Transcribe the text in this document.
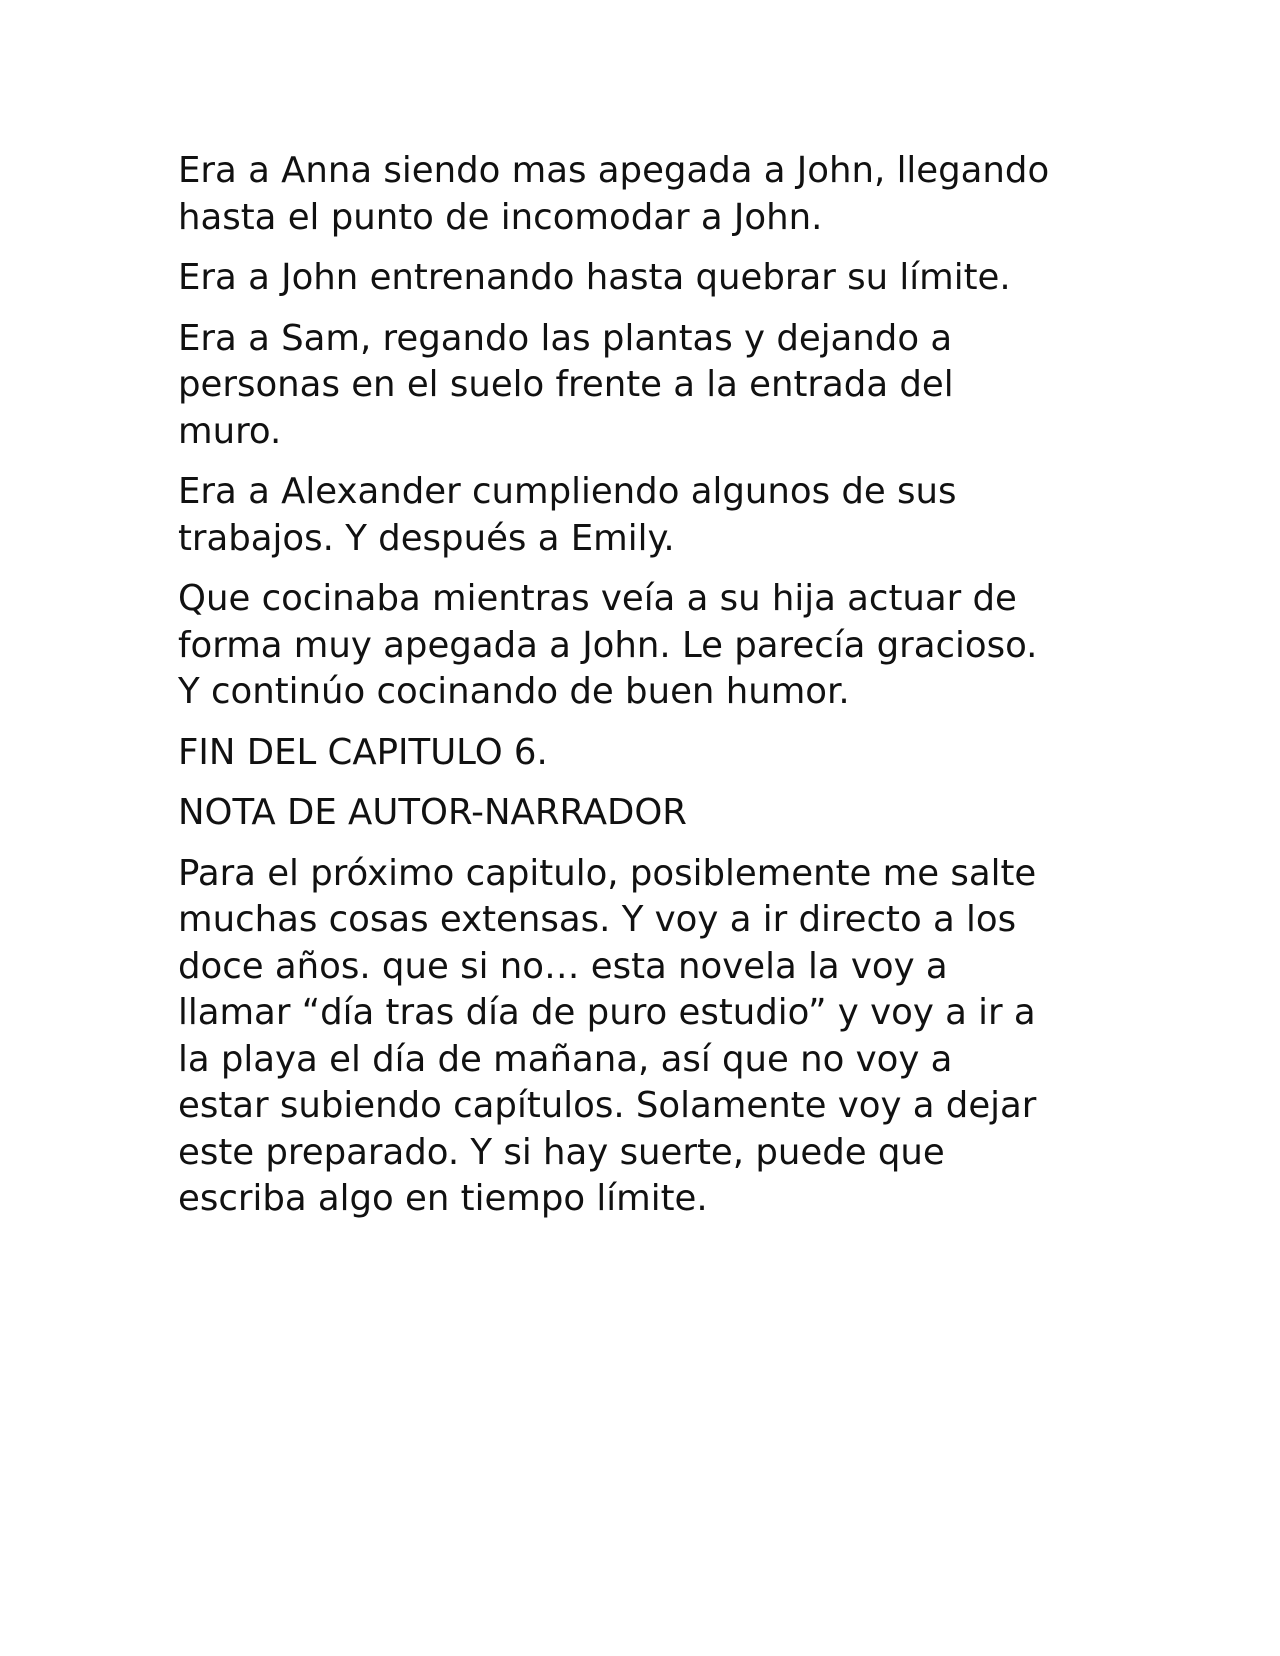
Era a Anna siendo mas apegada a John, llegando
hasta el punto de incomodar a John.

Era a John entrenando hasta quebrar su límite.

Era a Sam, regando las plantas y dejando a
personas en el suelo frente a la entrada del
muro.

Era a Alexander cumpliendo algunos de sus
trabajos. Y después a Emily.

Que cocinaba mientras veía a su hija actuar de
forma muy apegada a John. Le parecía gracioso.
Y continúo cocinando de buen humor.

FIN DEL CAPITULO 6.

NOTA DE AUTOR-NARRADOR

Para el próximo capitulo, posiblemente me salte
muchas cosas extensas. Y voy a ir directo a los
doce años. que si no… esta novela la voy a
llamar “día tras día de puro estudio” y voy a ir a
la playa el día de mañana, así que no voy a
estar subiendo capítulos. Solamente voy a dejar
este preparado. Y si hay suerte, puede que
escriba algo en tiempo límite.
